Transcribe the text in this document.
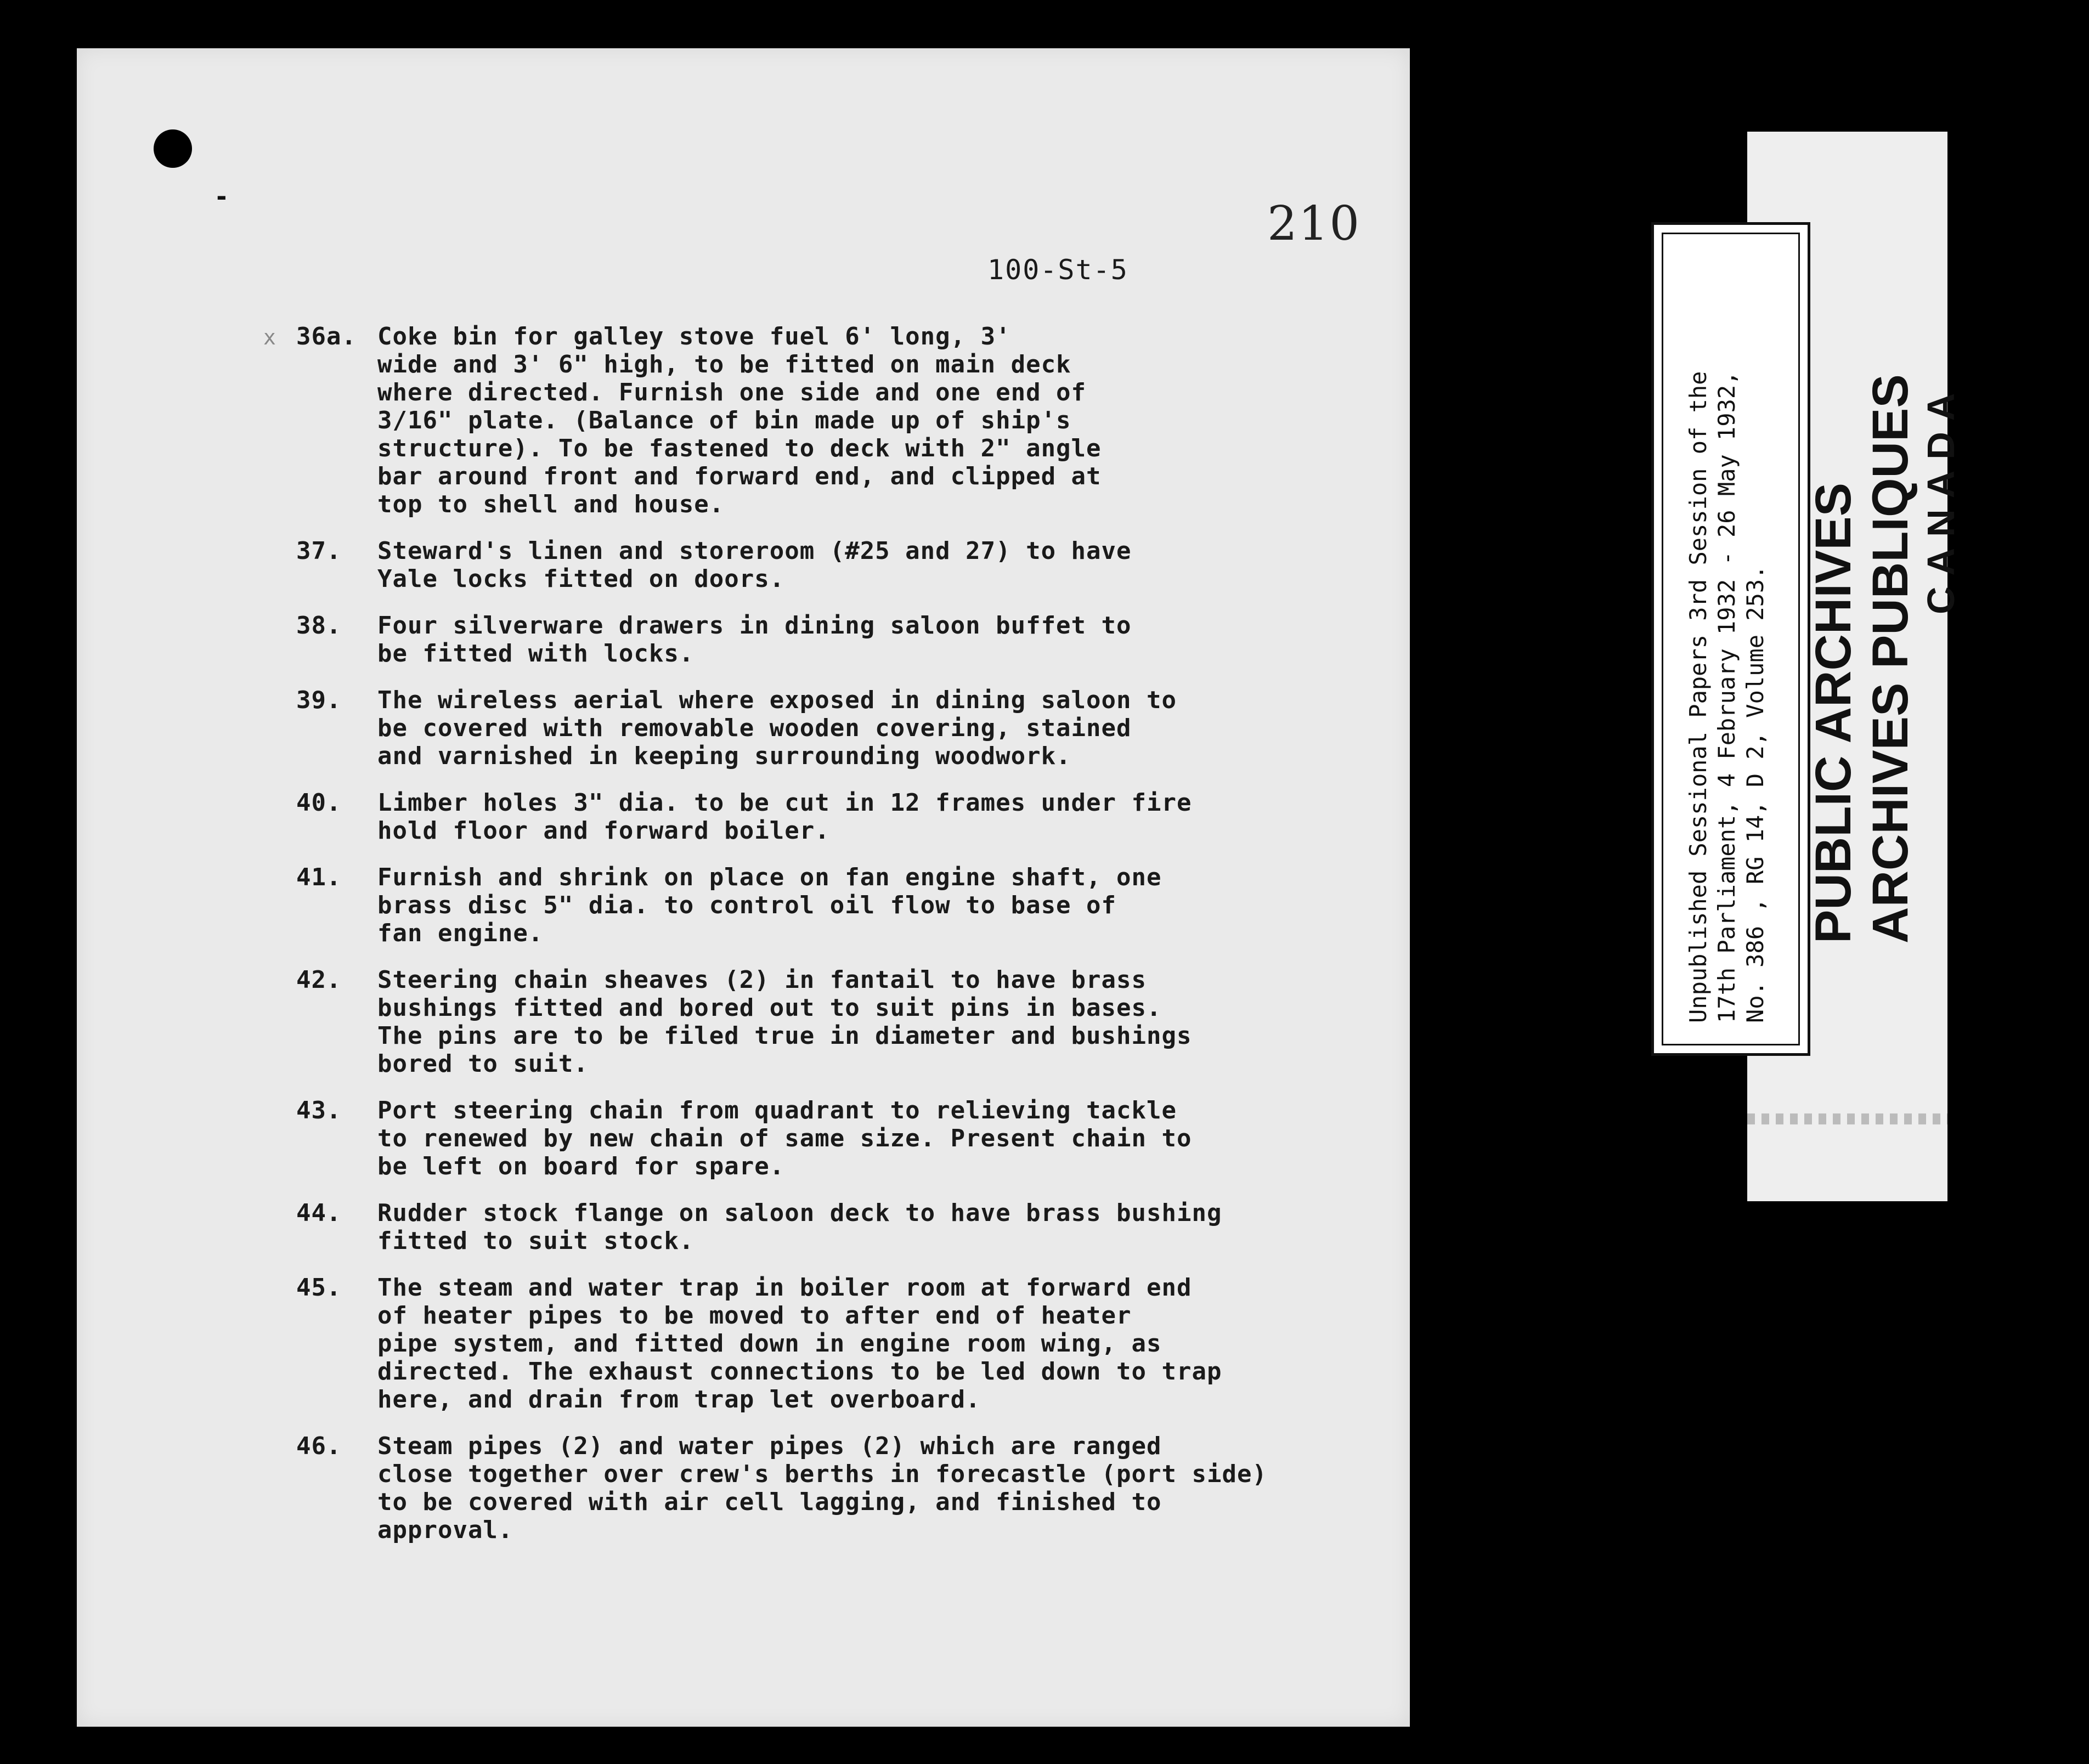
-	210
100-St-5
x 36a. Coke bin for galley stove fuel 6' long, 3'
wide and 3' 6" high, to be fitted on main deck
where directed. Furnish one side and one end of
3/16" plate. (Balance of bin made up of ship's
structure). To be fastened to deck with 2" angle
bar around front and forward end, and clipped at
top to shell and house.
37.	Steward's linen and storeroom (#25 and 27) to have
Yale locks fitted on doors.
38.	Four silverware drawers in dining saloon buffet to
be fitted with locks.
39.	The wireless aerial where exposed in dining saloon to
be covered with removable wooden covering, stained
and varnished in keeping surrounding woodwork.
40.	Limber holes 3" dia. to be cut in 12 frames under fire
hold floor and forward boiler.
41.	Furnish and shrink on place on fan engine shaft, one
brass disc 5" dia. to control oil flow to base of
fan engine.
42.	Steering chain sheaves (2) in fantail to have brass
bushings fitted and bored out to suit pins in bases.
The pins are to be filed true in diameter and bushings
bored to suit.
43.	Port steering chain from quadrant to relieving tackle
to renewed by new chain of same size. Present chain to
be left on board for spare.
44.	Rudder stock flange on saloon deck to have brass bushing
fitted to suit stock.
45.	The steam and water trap in boiler room at forward end
of heater pipes to be moved to after end of heater
pipe system, and fitted down in engine room wing, as
directed. The exhaust connections to be led down to trap
here, and drain from trap let overboard.
46.	Steam pipes (2) and water pipes (2) which are ranged
close together over crew's berths in forecastle (port side)
to be covered with air cell lagging, and finished to
approval.
Unpublished Sessional Papers 3rd Session of the 17th Parliament, 4 February 1932 - 26 May 1932, No. 386 , RG 14, D 2, Volume 253. PUBLIC ARCHIVES ARCHIVES PUBLIQUES CANADA
